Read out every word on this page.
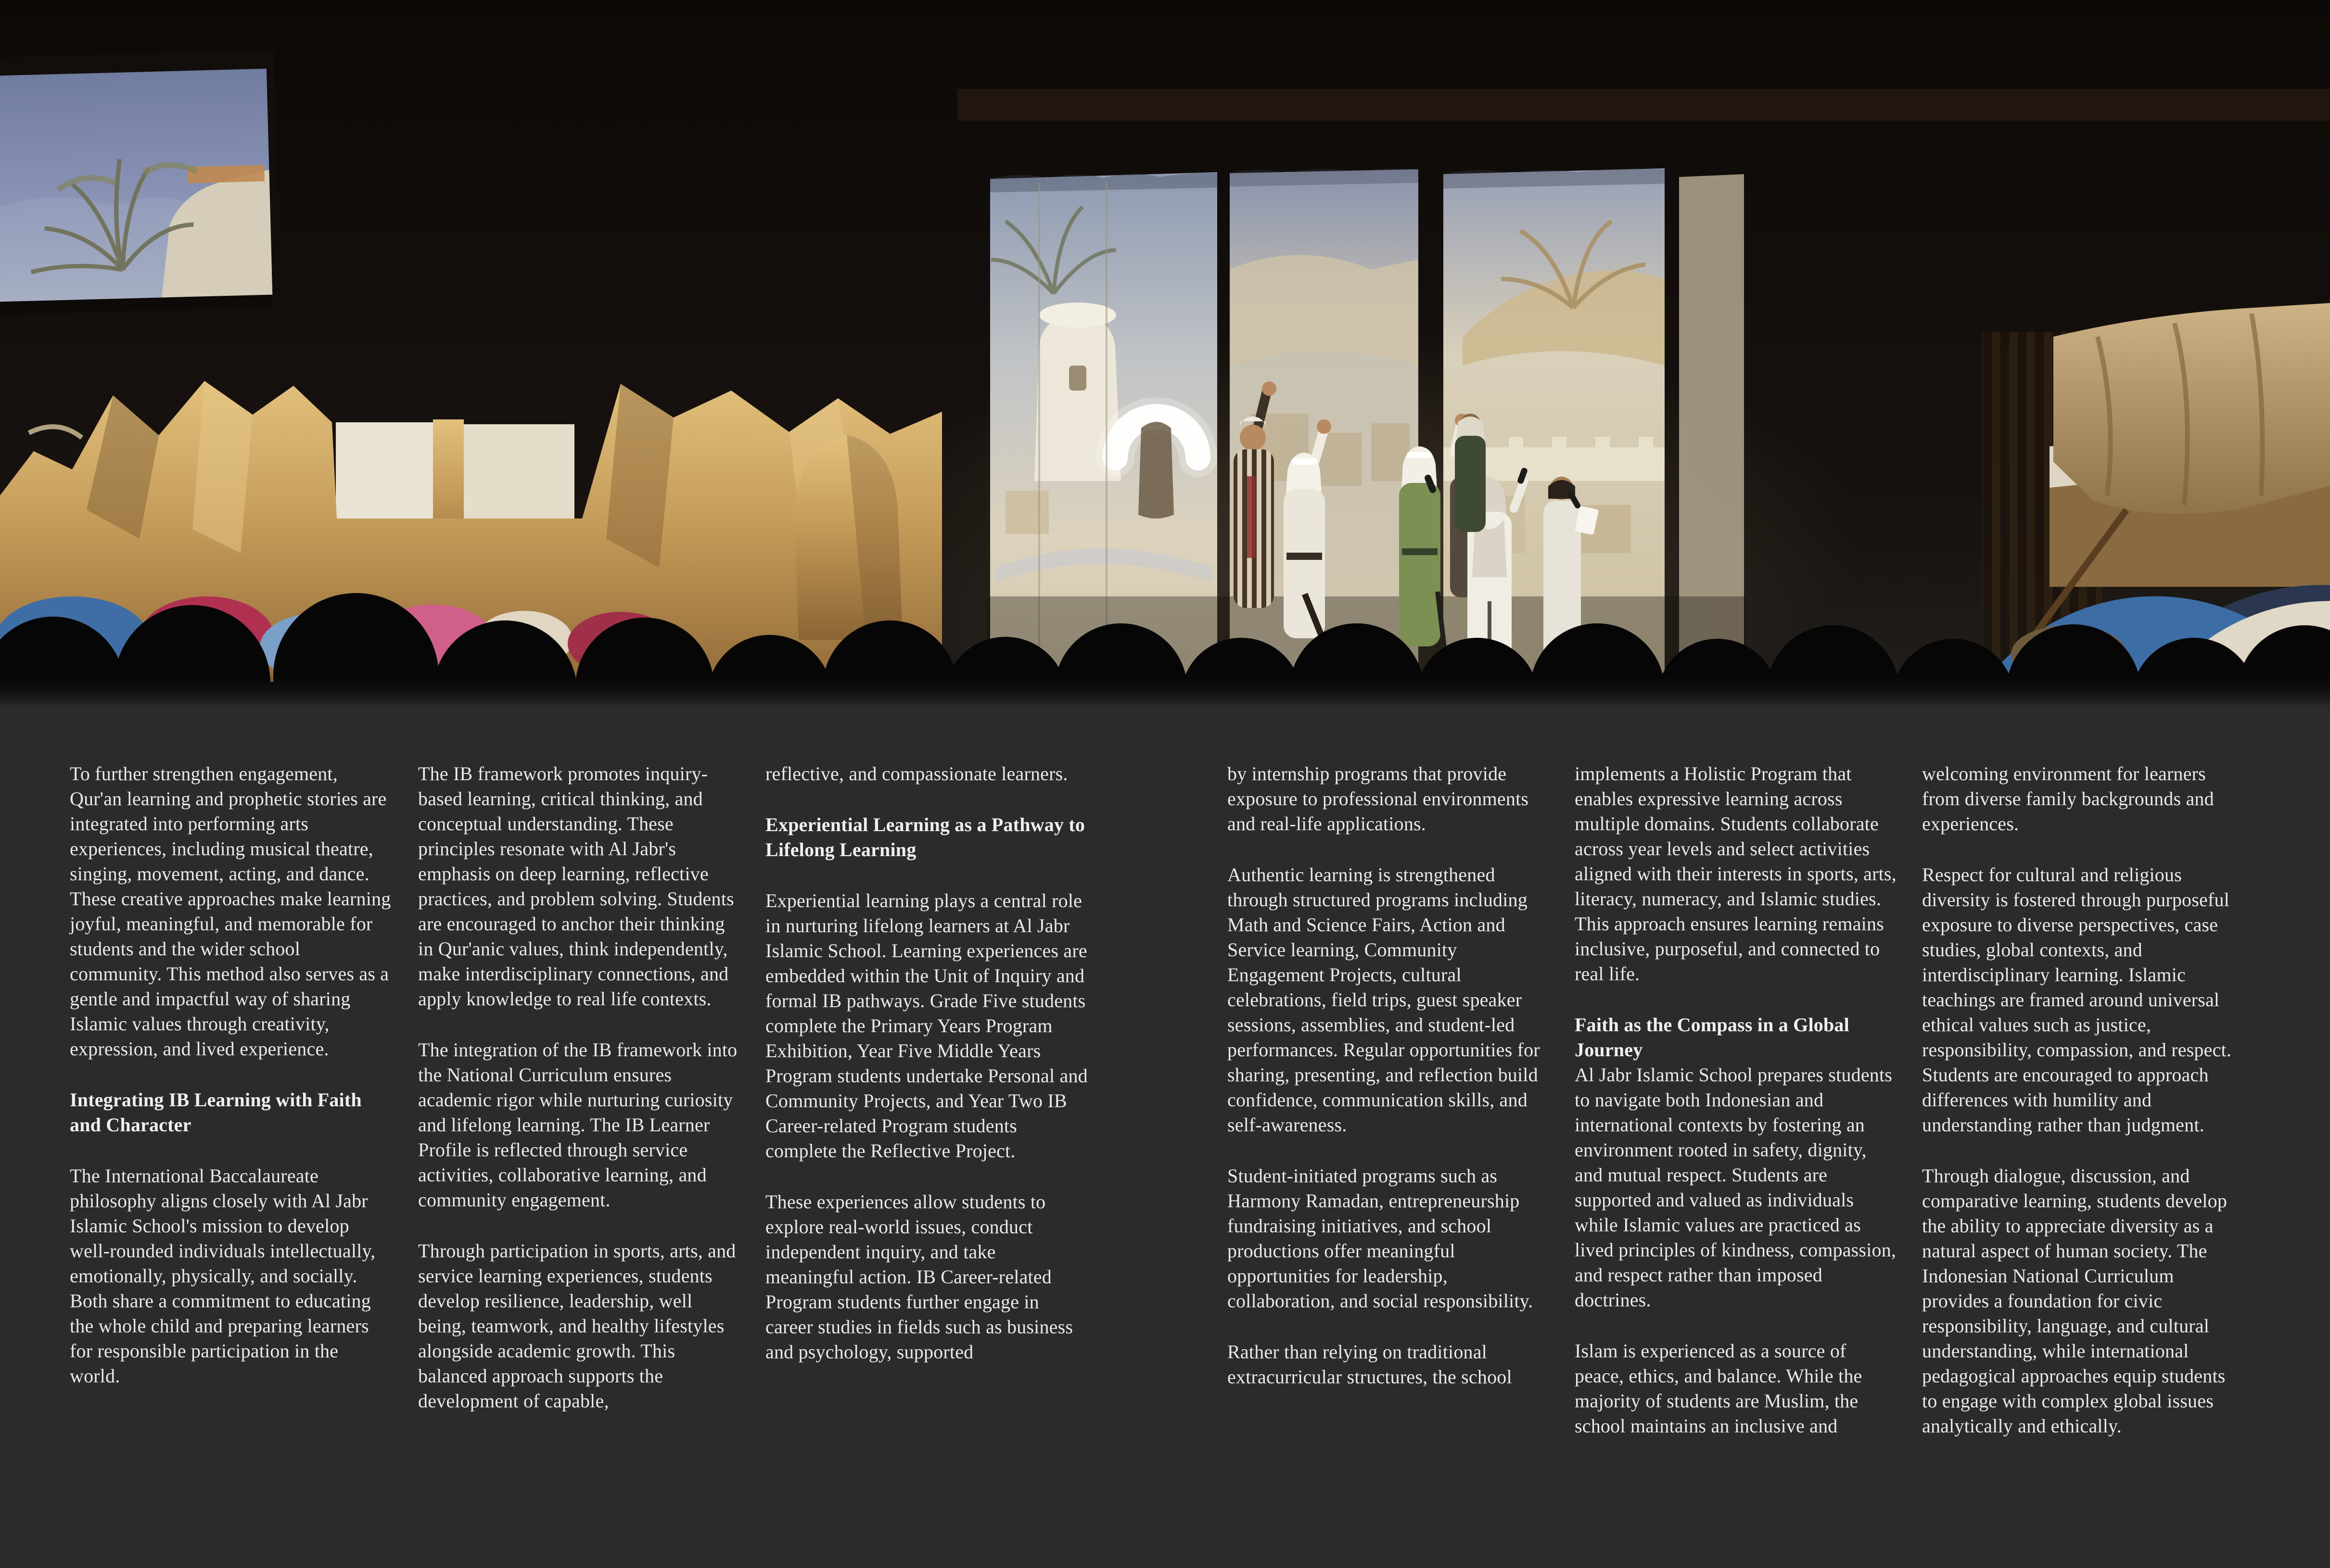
To further strengthen engagement, Qur'an learning and prophetic stories are integrated into performing arts experiences, including musical theatre, singing, movement, acting, and dance. These creative approaches make learning joyful, meaningful, and memorable for students and the wider school community. This method also serves as a gentle and impactful way of sharing Islamic values through creativity, expression, and lived experience.

Integrating IB Learning with Faith and Character

The International Baccalaureate philosophy aligns closely with Al Jabr Islamic School's mission to develop well-rounded individuals intellectually, emotionally, physically, and socially. Both share a commitment to educating the whole child and preparing learners for responsible participation in the world.

The IB framework promotes inquiry-based learning, critical thinking, and conceptual understanding. These principles resonate with Al Jabr's emphasis on deep learning, reflective practices, and problem solving. Students are encouraged to anchor their thinking in Qur'anic values, think independently, make interdisciplinary connections, and apply knowledge to real life contexts.

The integration of the IB framework into the National Curriculum ensures academic rigor while nurturing curiosity and lifelong learning. The IB Learner Profile is reflected through service activities, collaborative learning, and community engagement.

Through participation in sports, arts, and service learning experiences, students develop resilience, leadership, well being, teamwork, and healthy lifestyles alongside academic growth. This balanced approach supports the development of capable,

reflective, and compassionate learners.

Experiential Learning as a Pathway to Lifelong Learning

Experiential learning plays a central role in nurturing lifelong learners at Al Jabr Islamic School. Learning experiences are embedded within the Unit of Inquiry and formal IB pathways. Grade Five students complete the Primary Years Program Exhibition, Year Five Middle Years Program students undertake Personal and Community Projects, and Year Two IB Career-related Program students complete the Reflective Project.

These experiences allow students to explore real-world issues, conduct independent inquiry, and take meaningful action. IB Career-related Program students further engage in career studies in fields such as business and psychology, supported

by internship programs that provide exposure to professional environments and real-life applications.

Authentic learning is strengthened through structured programs including Math and Science Fairs, Action and Service learning, Community Engagement Projects, cultural celebrations, field trips, guest speaker sessions, assemblies, and student-led performances. Regular opportunities for sharing, presenting, and reflection build confidence, communication skills, and self-awareness.

Student-initiated programs such as Harmony Ramadan, entrepreneurship fundraising initiatives, and school productions offer meaningful opportunities for leadership, collaboration, and social responsibility.

Rather than relying on traditional extracurricular structures, the school

implements a Holistic Program that enables expressive learning across multiple domains. Students collaborate across year levels and select activities aligned with their interests in sports, arts, literacy, numeracy, and Islamic studies. This approach ensures learning remains inclusive, purposeful, and connected to real life.

Faith as the Compass in a Global Journey

Al Jabr Islamic School prepares students to navigate both Indonesian and international contexts by fostering an environment rooted in safety, dignity, and mutual respect. Students are supported and valued as individuals while Islamic values are practiced as lived principles of kindness, compassion, and respect rather than imposed doctrines.

Islam is experienced as a source of peace, ethics, and balance. While the majority of students are Muslim, the school maintains an inclusive and

welcoming environment for learners from diverse family backgrounds and experiences.

Respect for cultural and religious diversity is fostered through purposeful exposure to diverse perspectives, case studies, global contexts, and interdisciplinary learning. Islamic teachings are framed around universal ethical values such as justice, responsibility, compassion, and respect. Students are encouraged to approach differences with humility and understanding rather than judgment.

Through dialogue, discussion, and comparative learning, students develop the ability to appreciate diversity as a natural aspect of human society. The Indonesian National Curriculum provides a foundation for civic responsibility, language, and cultural understanding, while international pedagogical approaches equip students to engage with complex global issues analytically and ethically.
